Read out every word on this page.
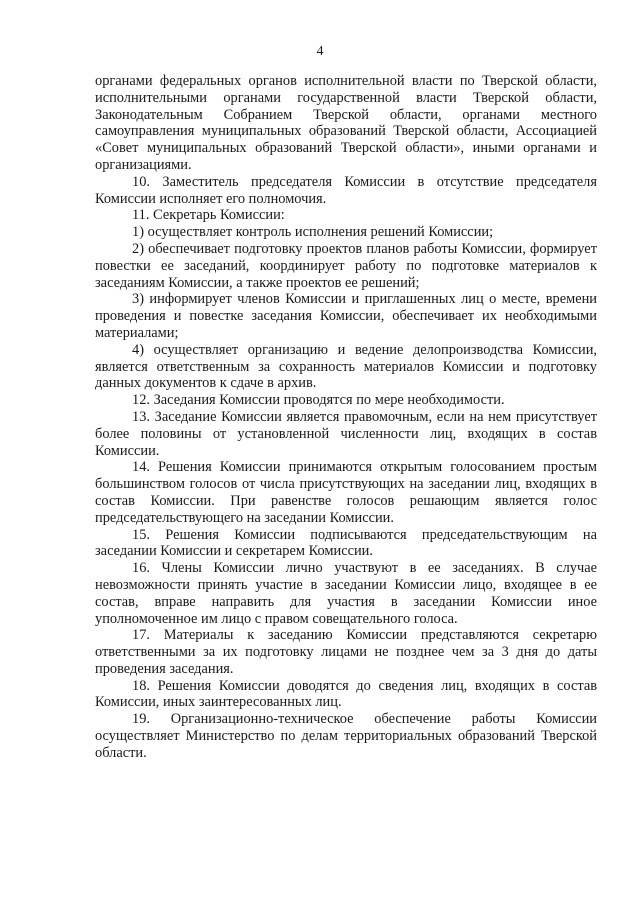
4

органами федеральных органов исполнительной власти по Тверской области, исполнительными органами государственной власти Тверской области, Законодательным Собранием Тверской области, органами местного самоуправления муниципальных образований Тверской области, Ассоциацией «Совет муниципальных образований Тверской области», иными органами и организациями.

10. Заместитель председателя Комиссии в отсутствие председателя Комиссии исполняет его полномочия.

11. Секретарь Комиссии:

1) осуществляет контроль исполнения решений Комиссии;

2) обеспечивает подготовку проектов планов работы Комиссии, формирует повестки ее заседаний, координирует работу по подготовке материалов к заседаниям Комиссии, а также проектов ее решений;

3) информирует членов Комиссии и приглашенных лиц о месте, времени проведения и повестке заседания Комиссии, обеспечивает их необходимыми материалами;

4) осуществляет организацию и ведение делопроизводства Комиссии, является ответственным за сохранность материалов Комиссии и подготовку данных документов к сдаче в архив.

12. Заседания Комиссии проводятся по мере необходимости.

13. Заседание Комиссии является правомочным, если на нем присутствует более половины от установленной численности лиц, входящих в состав Комиссии.

14. Решения Комиссии принимаются открытым голосованием простым большинством голосов от числа присутствующих на заседании лиц, входящих в состав Комиссии. При равенстве голосов решающим является голос председательствующего на заседании Комиссии.

15. Решения Комиссии подписываются председательствующим на заседании Комиссии и секретарем Комиссии.

16. Члены Комиссии лично участвуют в ее заседаниях. В случае невозможности принять участие в заседании Комиссии лицо, входящее в ее состав, вправе направить для участия в заседании Комиссии иное уполномоченное им лицо с правом совещательного голоса.

17. Материалы к заседанию Комиссии представляются секретарю ответственными за их подготовку лицами не позднее чем за 3 дня до даты проведения заседания.

18. Решения Комиссии доводятся до сведения лиц, входящих в состав Комиссии, иных заинтересованных лиц.

19. Организационно-техническое обеспечение работы Комиссии осуществляет Министерство по делам территориальных образований Тверской области.
